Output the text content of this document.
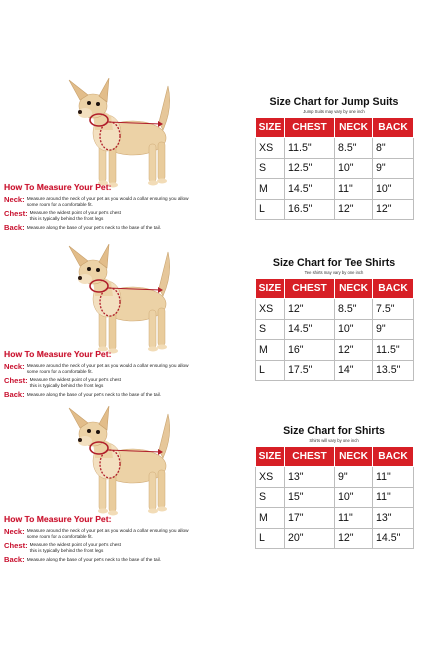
How To Measure Your Pet:
Neck: Measure around the neck of your pet as you would a collar ensuring you allow
some room for a comfortable fit.
Chest: Measure the widest point of your pet's chest
this is typically behind the front legs
Back: Measure along the base of your pet's neck to the base of the tail.
Size Chart for Jump Suits
Jump Suits may vary by one inch
SIZE	CHEST	NECK	BACK
XS	11.5"	8.5"	8"
S	12.5"	10"	9"
M	14.5"	11"	10"
L	16.5"	12"	12"
How To Measure Your Pet:
Neck: Measure around the neck of your pet as you would a collar ensuring you allow
some room for a comfortable fit.
Chest: Measure the widest point of your pet's chest
this is typically behind the front legs
Back: Measure along the base of your pet's neck to the base of the tail.
Size Chart for Tee Shirts
Tee shirts may vary by one inch
SIZE	CHEST	NECK	BACK
XS	12"	8.5"	7.5"
S	14.5"	10"	9"
M	16"	12"	11.5"
L	17.5"	14"	13.5"
How To Measure Your Pet:
Neck: Measure around the neck of your pet as you would a collar ensuring you allow
some room for a comfortable fit.
Chest: Measure the widest point of your pet's chest
this is typically behind the front legs
Back: Measure along the base of your pet's neck to the base of the tail.
Size Chart for Shirts
Shirts will vary by one inch
SIZE	CHEST	NECK	BACK
XS	13"	9"	11"
S	15"	10"	11"
M	17"	11"	13"
L	20"	12"	14.5"
